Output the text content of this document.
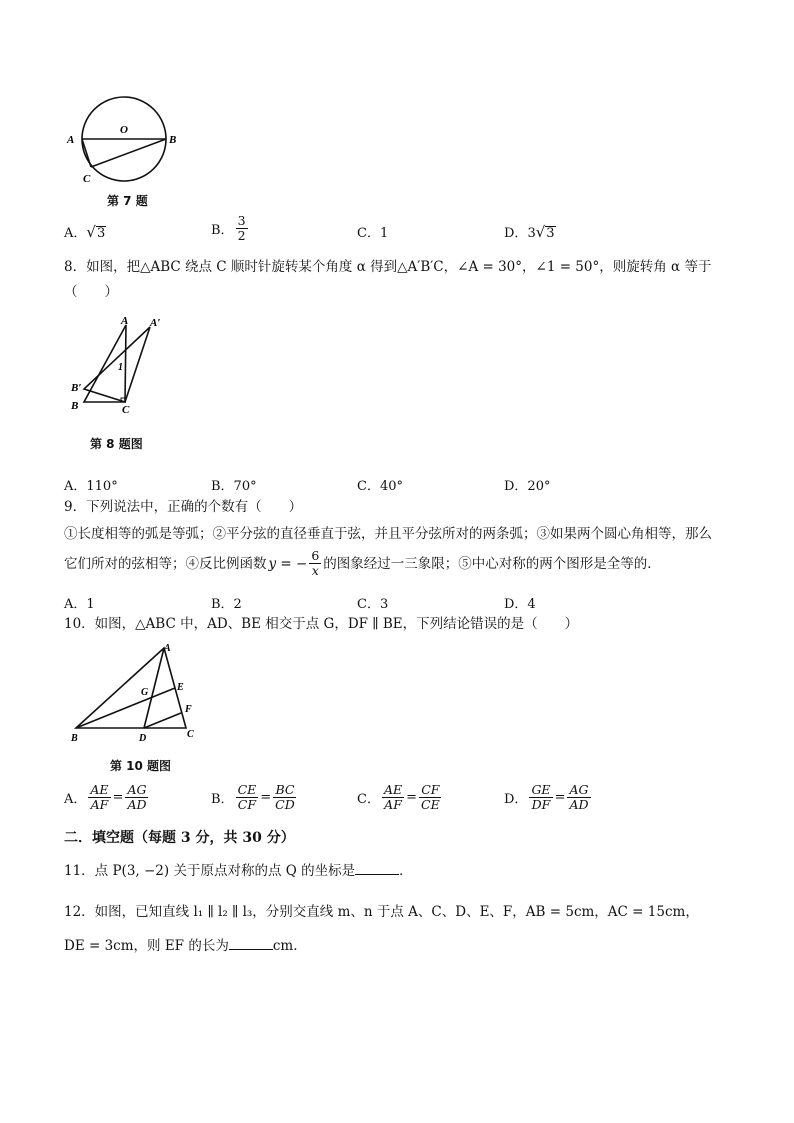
A
O
B
C
第 7 题
A． √ 3	B． $\frac{3}{2}$	C．1	D．3 √ 3
8．如图，把△ABC 绕点 C 顺时针旋转某个角度 α 得到△A′B′C，∠A = 30°，∠1 = 50°，则旋转角 α 等于
（　　）
A A′
1
B′
B	C
第 8 题图
A．110°	B．70°	C．40°	D．20°
9．下列说法中，正确的个数有（　　）
①长度相等的弧是等弧；②平分弦的直径垂直于弦，并且平分弦所对的两条弧；③如果两个圆心角相等，那么
它们所对的弦相等；④反比例函数 y = − $\frac{6}{x}$ 的图象经过一三象限；⑤中心对称的两个图形是全等的．
A．1	B．2	C．3	D．4
10．如图，△ABC 中，AD、BE 相交于点 G，DF ∥ BE，下列结论错误的是（　　）
A
G	E
F
B	D	C
第 10 题图
A． $\frac{AE}{AF} = \frac{AG}{AD}$	B． $\frac{CE}{CF} = \frac{BC}{CD}$	C． $\frac{AE}{AF} = \frac{CF}{CE}$	D． $\frac{GE}{DF} = \frac{AG}{AD}$
二．填空题（每题 3 分，共 30 分）
11．点 P(3, −2) 关于原点对称的点 Q 的坐标是	．
12．如图，已知直线 l₁ ∥ l₂ ∥ l₃，分别交直线 m、n 于点 A、C、D、E、F，AB = 5cm，AC = 15cm，
DE = 3cm，则 EF 的长为	cm.
